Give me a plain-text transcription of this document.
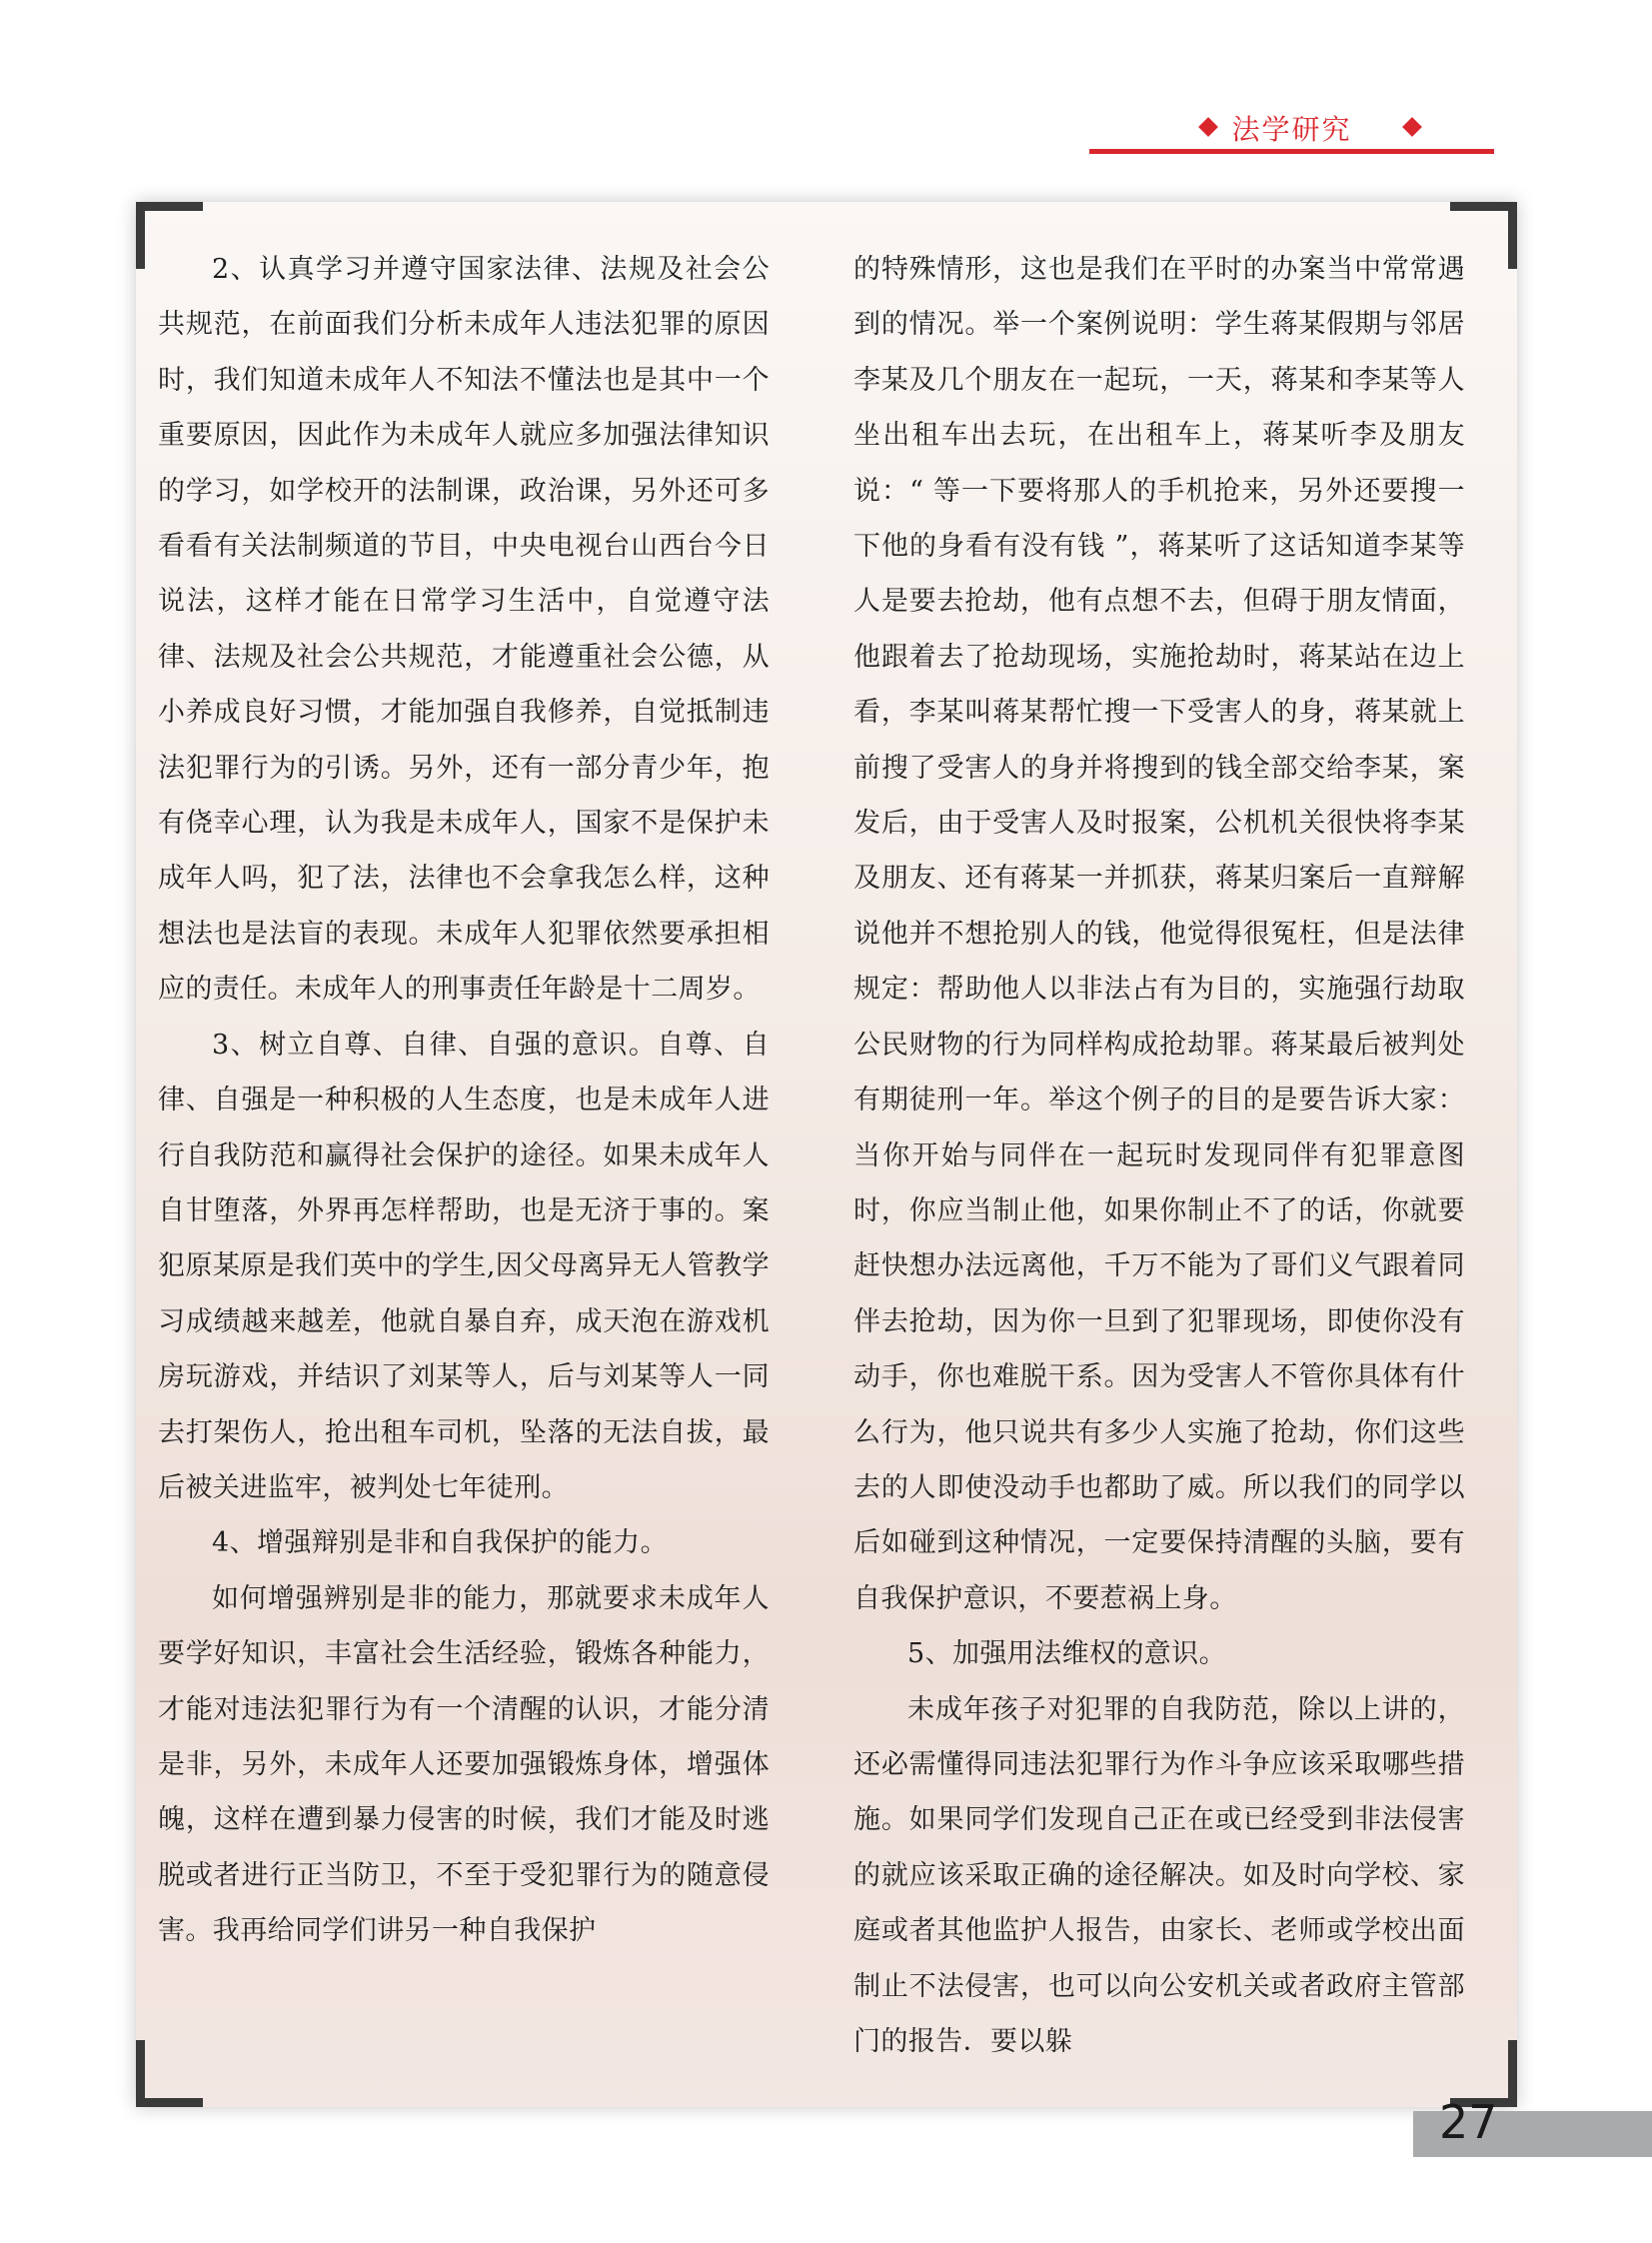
法学研究

2、认真学习并遵守国家法律、法规及社会公共规范，在前面我们分析未成年人违法犯罪的原因时，我们知道未成年人不知法不懂法也是其中一个重要原因，因此作为未成年人就应多加强法律知识的学习，如学校开的法制课，政治课，另外还可多看看有关法制频道的节目，中央电视台山西台今日说法，这样才能在日常学习生活中，自觉遵守法律、法规及社会公共规范，才能遵重社会公德，从小养成良好习惯，才能加强自我修养，自觉抵制违法犯罪行为的引诱。另外，还有一部分青少年，抱有侥幸心理，认为我是未成年人，国家不是保护未成年人吗，犯了法，法律也不会拿我怎么样，这种想法也是法盲的表现。未成年人犯罪依然要承担相应的责任。未成年人的刑事责任年龄是十二周岁。

3、树立自尊、自律、自强的意识。自尊、自律、自强是一种积极的人生态度，也是未成年人进行自我防范和赢得社会保护的途径。如果未成年人自甘堕落，外界再怎样帮助，也是无济于事的。案犯原某原是我们英中的学生,因父母离异无人管教学习成绩越来越差，他就自暴自弃，成天泡在游戏机房玩游戏，并结识了刘某等人，后与刘某等人一同去打架伤人，抢出租车司机，坠落的无法自拔，最后被关进监牢，被判处七年徒刑。

4、增强辩别是非和自我保护的能力。

如何增强辨别是非的能力，那就要求未成年人要学好知识，丰富社会生活经验，锻炼各种能力，才能对违法犯罪行为有一个清醒的认识，才能分清是非，另外，未成年人还要加强锻炼身体，增强体魄，这样在遭到暴力侵害的时候，我们才能及时逃脱或者进行正当防卫，不至于受犯罪行为的随意侵害。我再给同学们讲另一种自我保护

的特殊情形，这也是我们在平时的办案当中常常遇到的情况。举一个案例说明：学生蒋某假期与邻居李某及几个朋友在一起玩，一天，蒋某和李某等人坐出租车出去玩，在出租车上，蒋某听李及朋友说：“ 等一下要将那人的手机抢来，另外还要搜一下他的身看有没有钱 ”，蒋某听了这话知道李某等人是要去抢劫，他有点想不去，但碍于朋友情面，他跟着去了抢劫现场，实施抢劫时，蒋某站在边上看，李某叫蒋某帮忙搜一下受害人的身，蒋某就上前搜了受害人的身并将搜到的钱全部交给李某，案发后，由于受害人及时报案，公机机关很快将李某及朋友、还有蒋某一并抓获，蒋某归案后一直辩解说他并不想抢别人的钱，他觉得很冤枉，但是法律规定：帮助他人以非法占有为目的，实施强行劫取公民财物的行为同样构成抢劫罪。蒋某最后被判处有期徒刑一年。举这个例子的目的是要告诉大家：当你开始与同伴在一起玩时发现同伴有犯罪意图时，你应当制止他，如果你制止不了的话，你就要赶快想办法远离他，千万不能为了哥们义气跟着同伴去抢劫，因为你一旦到了犯罪现场，即使你没有动手，你也难脱干系。因为受害人不管你具体有什么行为，他只说共有多少人实施了抢劫，你们这些去的人即使没动手也都助了威。所以我们的同学以后如碰到这种情况，一定要保持清醒的头脑，要有自我保护意识，不要惹祸上身。

5、加强用法维权的意识。

未成年孩子对犯罪的自我防范，除以上讲的，还必需懂得同违法犯罪行为作斗争应该采取哪些措施。如果同学们发现自己正在或已经受到非法侵害的就应该采取正确的途径解决。如及时向学校、家庭或者其他监护人报告，由家长、老师或学校出面制止不法侵害，也可以向公安机关或者政府主管部门的报告．要以躲

27
